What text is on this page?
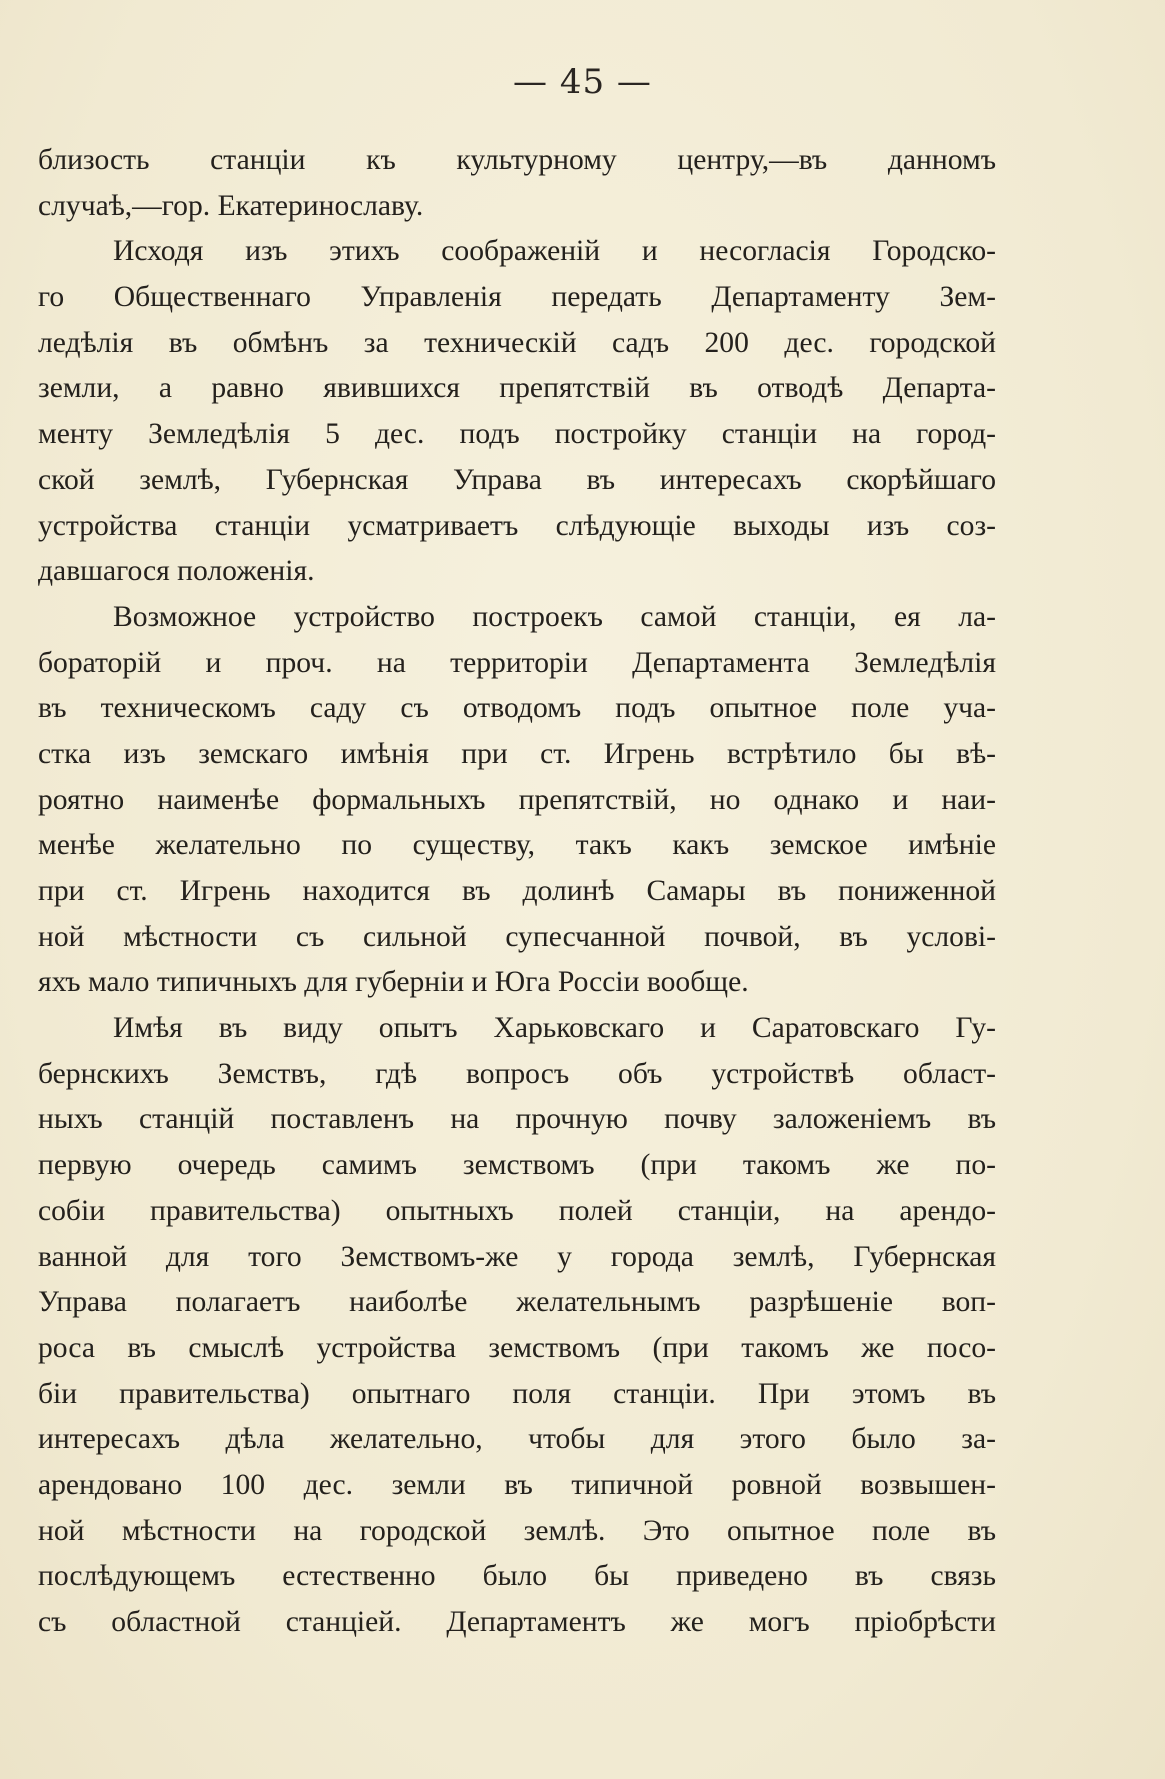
— 45 —
близость станціи къ культурному центру,—въ данномъ
случаѣ,—гор. Екатеринославу.
Исходя изъ этихъ соображеній и несогласія Городско-
го Общественнаго Управленія передать Департаменту Зем-
ледѣлія въ обмѣнъ за техническій садъ 200 дес. городской
земли, а равно явившихся препятствій въ отводѣ Департа-
менту Земледѣлія 5 дес. подъ постройку станціи на город-
ской землѣ, Губернская Управа въ интересахъ скорѣйшаго
устройства станціи усматриваетъ слѣдующіе выходы изъ соз-
давшагося положенія.
Возможное устройство построекъ самой станціи, ея ла-
бораторій и проч. на территоріи Департамента Земледѣлія
въ техническомъ саду съ отводомъ подъ опытное поле уча-
стка изъ земскаго имѣнія при ст. Игрень встрѣтило бы вѣ-
роятно наименѣе формальныхъ препятствій, но однако и наи-
менѣе желательно по существу, такъ какъ земское имѣніе
при ст. Игрень находится въ долинѣ Самары въ пониженной
ной мѣстности съ сильной супесчанной почвой, въ услові-
яхъ мало типичныхъ для губерніи и Юга Россіи вообще.
Имѣя въ виду опытъ Харьковскаго и Саратовскаго Гу-
бернскихъ Земствъ, гдѣ вопросъ объ устройствѣ област-
ныхъ станцій поставленъ на прочную почву заложеніемъ въ
первую очередь самимъ земствомъ (при такомъ же по-
собіи правительства) опытныхъ полей станціи, на арендо-
ванной для того Земствомъ-же у города землѣ, Губернская
Управа полагаетъ наиболѣе желательнымъ разрѣшеніе воп-
роса въ смыслѣ устройства земствомъ (при такомъ же посо-
біи правительства) опытнаго поля станціи. При этомъ въ
интересахъ дѣла желательно, чтобы для этого было за-
арендовано 100 дес. земли въ типичной ровной возвышен-
ной мѣстности на городской землѣ. Это опытное поле въ
послѣдующемъ естественно было бы приведено въ связь
съ областной станціей. Департаментъ же могъ пріобрѣсти
